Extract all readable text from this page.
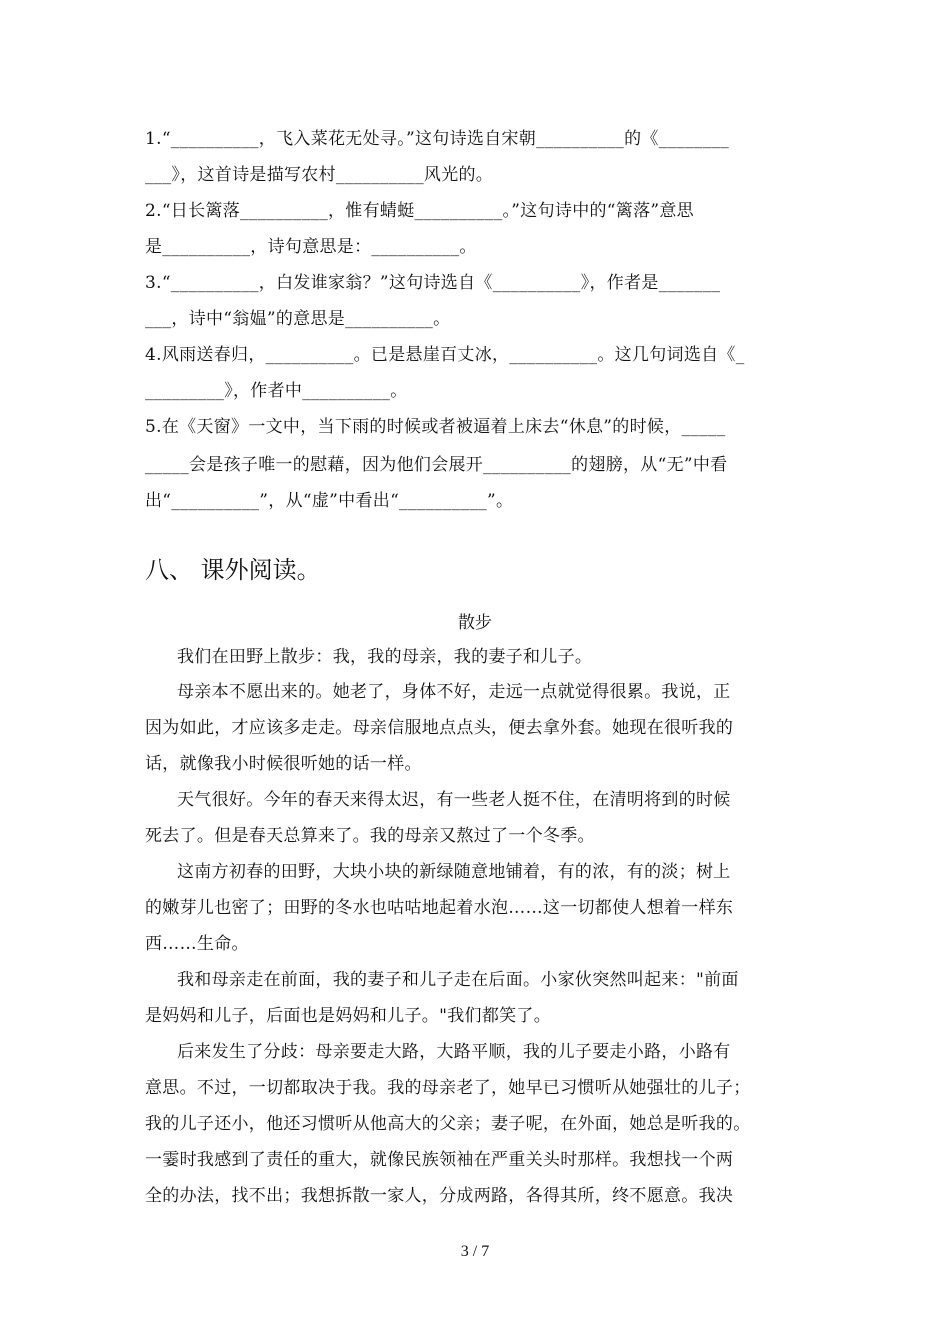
1.“__________，飞入菜花无处寻。”这句诗选自宋朝__________的《________
___》，这首诗是描写农村__________风光的。
2.“日长篱落__________，惟有蜻蜓__________。”这句诗中的“篱落”意思
是__________，诗句意思是：__________。
3.“__________，白发谁家翁？”这句诗选自《__________》，作者是_______
___，诗中“翁媪”的意思是__________。
4.风雨送春归，__________。已是悬崖百丈冰，__________。这几句词选自《_
_________》，作者中__________。
5.在《天窗》一文中，当下雨的时候或者被逼着上床去“休息”的时候，_____
_____会是孩子唯一的慰藉，因为他们会展开__________的翅膀，从“无”中看
出“__________”，从“虚”中看出“__________”。
八、 课外阅读。
散步
我们在田野上散步：我，我的母亲，我的妻子和儿子。
母亲本不愿出来的。她老了，身体不好，走远一点就觉得很累。我说，正
因为如此，才应该多走走。母亲信服地点点头，便去拿外套。她现在很听我的
话，就像我小时候很听她的话一样。
天气很好。今年的春天来得太迟，有一些老人挺不住，在清明将到的时候
死去了。但是春天总算来了。我的母亲又熬过了一个冬季。
这南方初春的田野，大块小块的新绿随意地铺着，有的浓，有的淡；树上
的嫩芽儿也密了；田野的冬水也咕咕地起着水泡……这一切都使人想着一样东
西……生命。
我和母亲走在前面，我的妻子和儿子走在后面。小家伙突然叫起来："前面
是妈妈和儿子，后面也是妈妈和儿子。"我们都笑了。
后来发生了分歧：母亲要走大路，大路平顺，我的儿子要走小路，小路有
意思。不过，一切都取决于我。我的母亲老了，她早已习惯听从她强壮的儿子；
我的儿子还小，他还习惯听从他高大的父亲；妻子呢，在外面，她总是听我的。
一霎时我感到了责任的重大，就像民族领袖在严重关头时那样。我想找一个两
全的办法，找不出；我想拆散一家人，分成两路，各得其所，终不愿意。我决
3 / 7
